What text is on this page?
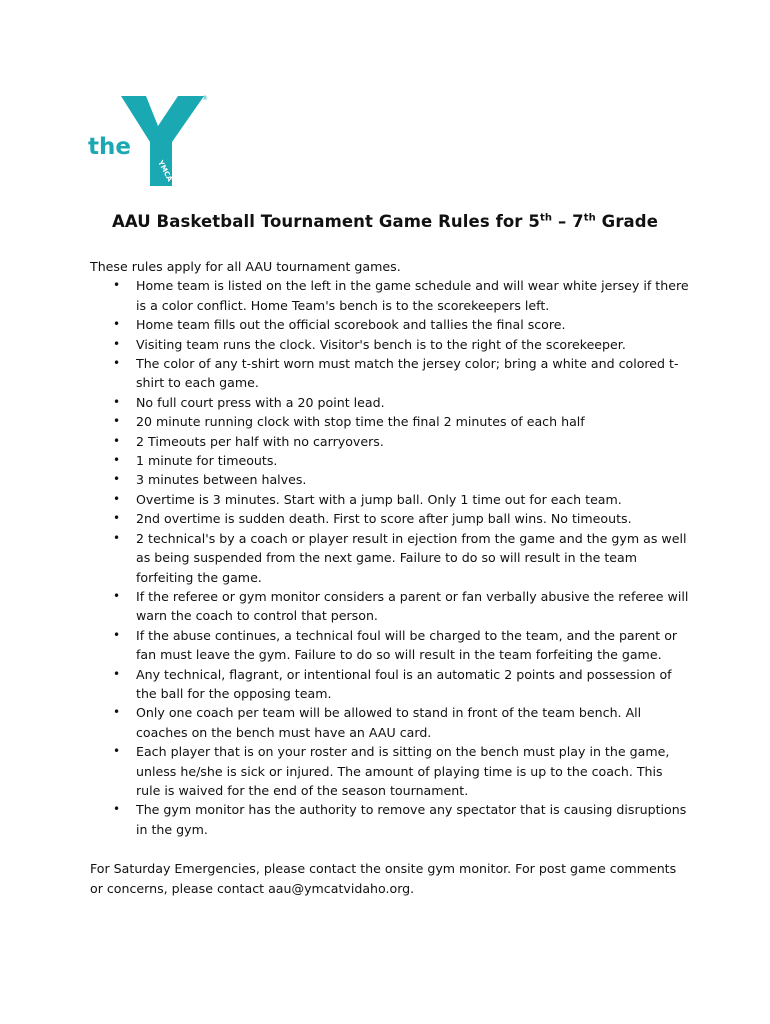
the
YMCA
®
AAU Basketball Tournament Game Rules for 5th – 7th Grade

These rules apply for all AAU tournament games.

• Home team is listed on the left in the game schedule and will wear white jersey if there is a color conflict. Home Team's bench is to the scorekeepers left.
• Home team fills out the official scorebook and tallies the final score.
• Visiting team runs the clock. Visitor's bench is to the right of the scorekeeper.
• The color of any t-shirt worn must match the jersey color; bring a white and colored t-shirt to each game.
• No full court press with a 20 point lead.
• 20 minute running clock with stop time the final 2 minutes of each half
• 2 Timeouts per half with no carryovers.
• 1 minute for timeouts.
• 3 minutes between halves.
• Overtime is 3 minutes. Start with a jump ball. Only 1 time out for each team.
• 2nd overtime is sudden death. First to score after jump ball wins. No timeouts.
• 2 technical's by a coach or player result in ejection from the game and the gym as well as being suspended from the next game. Failure to do so will result in the team forfeiting the game.
• If the referee or gym monitor considers a parent or fan verbally abusive the referee will warn the coach to control that person.
• If the abuse continues, a technical foul will be charged to the team, and the parent or fan must leave the gym. Failure to do so will result in the team forfeiting the game.
• Any technical, flagrant, or intentional foul is an automatic 2 points and possession of the ball for the opposing team.
• Only one coach per team will be allowed to stand in front of the team bench. All coaches on the bench must have an AAU card.
• Each player that is on your roster and is sitting on the bench must play in the game, unless he/she is sick or injured. The amount of playing time is up to the coach. This rule is waived for the end of the season tournament.
• The gym monitor has the authority to remove any spectator that is causing disruptions in the gym.

For Saturday Emergencies, please contact the onsite gym monitor. For post game comments or concerns, please contact aau@ymcatvidaho.org.
